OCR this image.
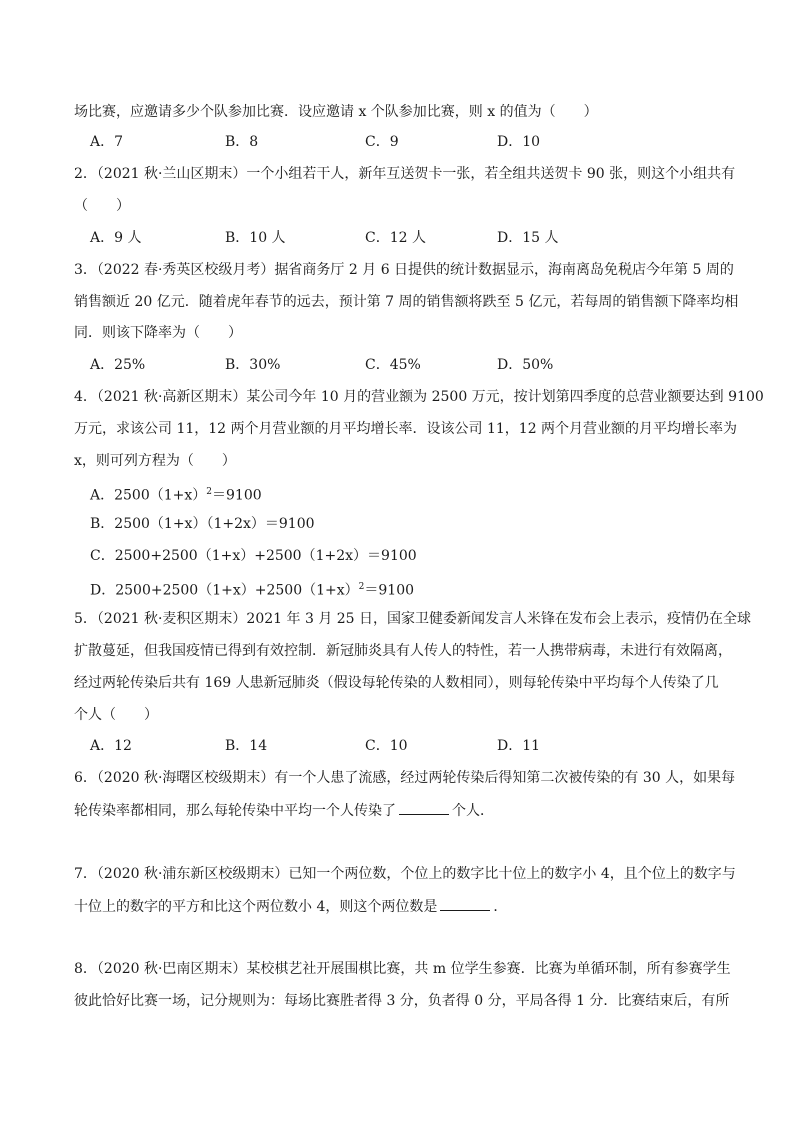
场比赛，应邀请多少个队参加比赛．设应邀请 x 个队参加比赛，则 x 的值为（　　）
A．7	B．8	C．9	D．10
2．（2021 秋·兰山区期末）一个小组若干人，新年互送贺卡一张，若全组共送贺卡 90 张，则这个小组共有
（　　）
A．9 人	B．10 人	C．12 人	D．15 人
3．（2022 春·秀英区校级月考）据省商务厅 2 月 6 日提供的统计数据显示，海南离岛免税店今年第 5 周的
销售额近 20 亿元．随着虎年春节的远去，预计第 7 周的销售额将跌至 5 亿元，若每周的销售额下降率均相
同．则该下降率为（　　）
A．25%	B．30%	C．45%	D．50%
4．（2021 秋·高新区期末）某公司今年 10 月的营业额为 2500 万元，按计划第四季度的总营业额要达到 9100
万元，求该公司 11，12 两个月营业额的月平均增长率．设该公司 11，12 两个月营业额的月平均增长率为
x，则可列方程为（　　）
A．$2500(1+x)^2=9100$
B．2500（1+x）（1+2x）＝9100
C．2500+2500（1+x）+2500（1+2x）＝9100
D．$2500+2500(1+x)+2500(1+x)^2=9100$
5．（2021 秋·麦积区期末）2021 年 3 月 25 日，国家卫健委新闻发言人米锋在发布会上表示，疫情仍在全球
扩散蔓延，但我国疫情已得到有效控制．新冠肺炎具有人传人的特性，若一人携带病毒，未进行有效隔离，
经过两轮传染后共有 169 人患新冠肺炎（假设每轮传染的人数相同），则每轮传染中平均每个人传染了几
个人（　　）
A．12	B．14	C．10	D．11
6．（2020 秋·海曙区校级期末）有一个人患了流感，经过两轮传染后得知第二次被传染的有 30 人，如果每
轮传染率都相同，那么每轮传染中平均一个人传染了	个人．
7．（2020 秋·浦东新区校级期末）已知一个两位数，个位上的数字比十位上的数字小 4，且个位上的数字与
十位上的数字的平方和比这个两位数小 4，则这个两位数是	．
8．（2020 秋·巴南区期末）某校棋艺社开展围棋比赛，共 m 位学生参赛．比赛为单循环制，所有参赛学生
彼此恰好比赛一场，记分规则为：每场比赛胜者得 3 分，负者得 0 分，平局各得 1 分．比赛结束后，有所
